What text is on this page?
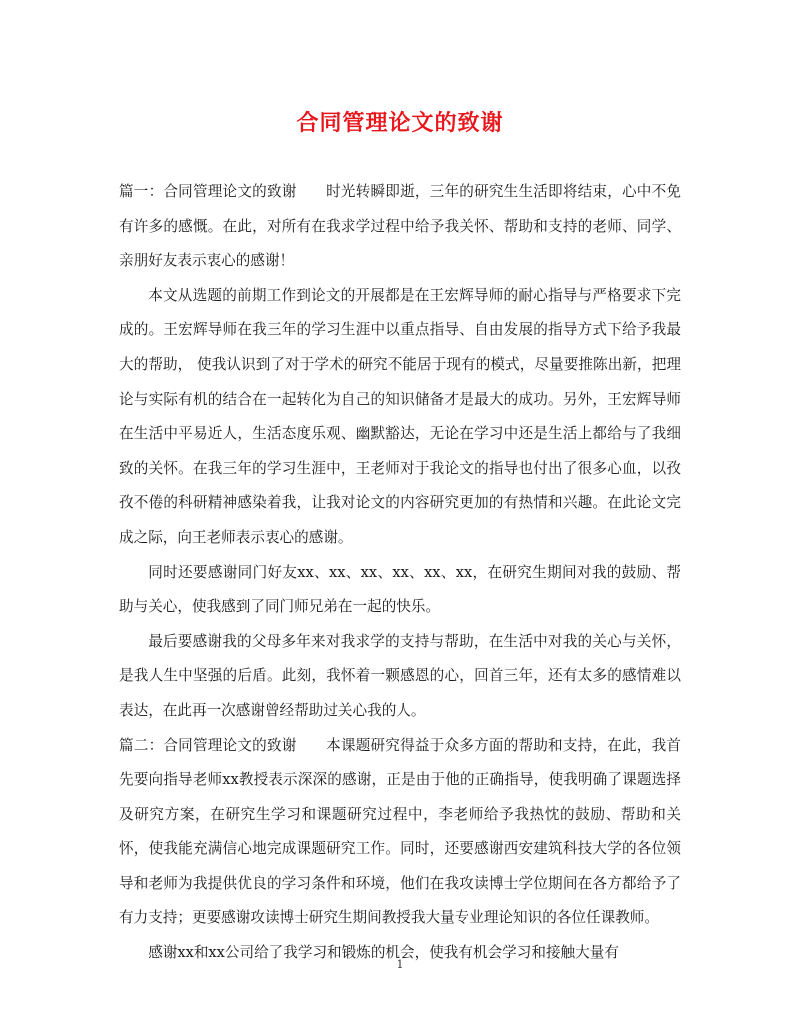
合同管理论文的致谢

篇一：合同管理论文的致谢　　时光转瞬即逝，三年的研究生生活即将结束，心中不免有许多的感慨。在此，对所有在我求学过程中给予我关怀、帮助和支持的老师、同学、亲朋好友表示衷心的感谢！

本文从选题的前期工作到论文的开展都是在王宏辉导师的耐心指导与严格要求下完成的。王宏辉导师在我三年的学习生涯中以重点指导、自由发展的指导方式下给予我最大的帮助， 使我认识到了对于学术的研究不能居于现有的模式，尽量要推陈出新，把理论与实际有机的结合在一起转化为自己的知识储备才是最大的成功。另外，王宏辉导师在生活中平易近人，生活态度乐观、幽默豁达，无论在学习中还是生活上都给与了我细致的关怀。在我三年的学习生涯中，王老师对于我论文的指导也付出了很多心血，以孜孜不倦的科研精神感染着我，让我对论文的内容研究更加的有热情和兴趣。在此论文完成之际，向王老师表示衷心的感谢。

同时还要感谢同门好友xx、xx、xx、xx、xx、xx，在研究生期间对我的鼓励、帮助与关心，使我感到了同门师兄弟在一起的快乐。

最后要感谢我的父母多年来对我求学的支持与帮助，在生活中对我的关心与关怀，是我人生中坚强的后盾。此刻，我怀着一颗感恩的心，回首三年，还有太多的感情难以表达，在此再一次感谢曾经帮助过关心我的人。

篇二：合同管理论文的致谢　　本课题研究得益于众多方面的帮助和支持，在此，我首先要向指导老师xx教授表示深深的感谢，正是由于他的正确指导，使我明确了课题选择及研究方案，在研究生学习和课题研究过程中，李老师给予我热忱的鼓励、帮助和关怀，使我能充满信心地完成课题研究工作。同时，还要感谢西安建筑科技大学的各位领导和老师为我提供优良的学习条件和环境，他们在我攻读博士学位期间在各方都给予了有力支持；更要感谢攻读博士研究生期间教授我大量专业理论知识的各位任课教师。

感谢xx和xx公司给了我学习和锻炼的机会，使我有机会学习和接触大量有

1
